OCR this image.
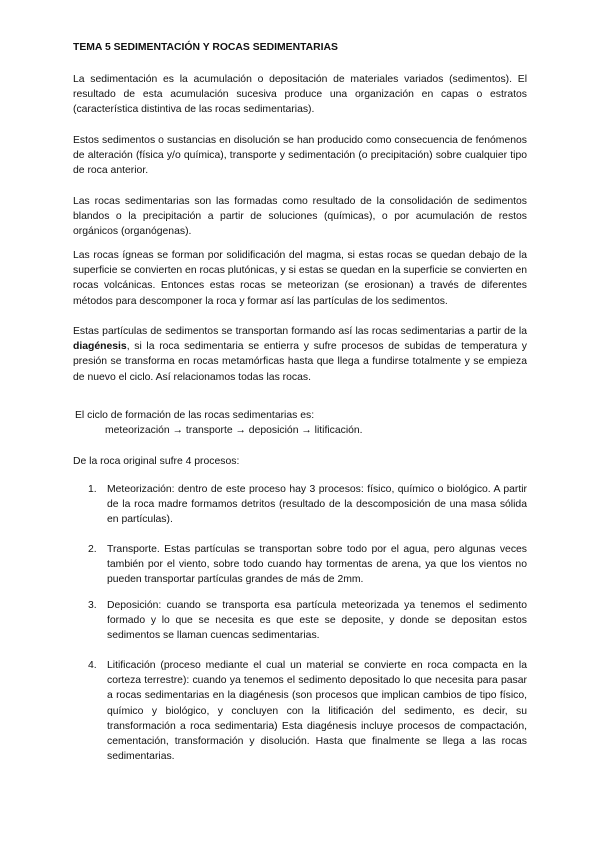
TEMA 5 SEDIMENTACIÓN Y ROCAS SEDIMENTARIAS

La sedimentación es la acumulación o depositación de materiales variados (sedimentos). El resultado de esta acumulación sucesiva produce una organización en capas o estratos (característica distintiva de las rocas sedimentarias).

Estos sedimentos o sustancias en disolución se han producido como consecuencia de fenómenos de alteración (física y/o química), transporte y sedimentación (o precipitación) sobre cualquier tipo de roca anterior.

Las rocas sedimentarias son las formadas como resultado de la consolidación de sedimentos blandos o la precipitación a partir de soluciones (químicas), o por acumulación de restos orgánicos (organógenas).

Las rocas ígneas se forman por solidificación del magma, si estas rocas se quedan debajo de la superficie se convierten en rocas plutónicas, y si estas se quedan en la superficie se convierten en rocas volcánicas. Entonces estas rocas se meteorizan (se erosionan) a través de diferentes métodos para descomponer la roca y formar así las partículas de los sedimentos.

Estas partículas de sedimentos se transportan formando así las rocas sedimentarias a partir de la diagénesis, si la roca sedimentaria se entierra y sufre procesos de subidas de temperatura y presión se transforma en rocas metamórficas hasta que llega a fundirse totalmente y se empieza de nuevo el ciclo. Así relacionamos todas las rocas.

El ciclo de formación de las rocas sedimentarias es:

meteorización → transporte → deposición → litificación.

De la roca original sufre 4 procesos:

1. Meteorización: dentro de este proceso hay 3 procesos: físico, químico o biológico. A partir de la roca madre formamos detritos (resultado de la descomposición de una masa sólida en partículas).

2. Transporte. Estas partículas se transportan sobre todo por el agua, pero algunas veces también por el viento, sobre todo cuando hay tormentas de arena, ya que los vientos no pueden transportar partículas grandes de más de 2mm.

3. Deposición: cuando se transporta esa partícula meteorizada ya tenemos el sedimento formado y lo que se necesita es que este se deposite, y donde se depositan estos sedimentos se llaman cuencas sedimentarias.

4. Litificación (proceso mediante el cual un material se convierte en roca compacta en la corteza terrestre): cuando ya tenemos el sedimento depositado lo que necesita para pasar a rocas sedimentarias en la diagénesis (son procesos que implican cambios de tipo físico, químico y biológico, y concluyen con la litificación del sedimento, es decir, su transformación a roca sedimentaria) Esta diagénesis incluye procesos de compactación, cementación, transformación y disolución. Hasta que finalmente se llega a las rocas sedimentarias.
